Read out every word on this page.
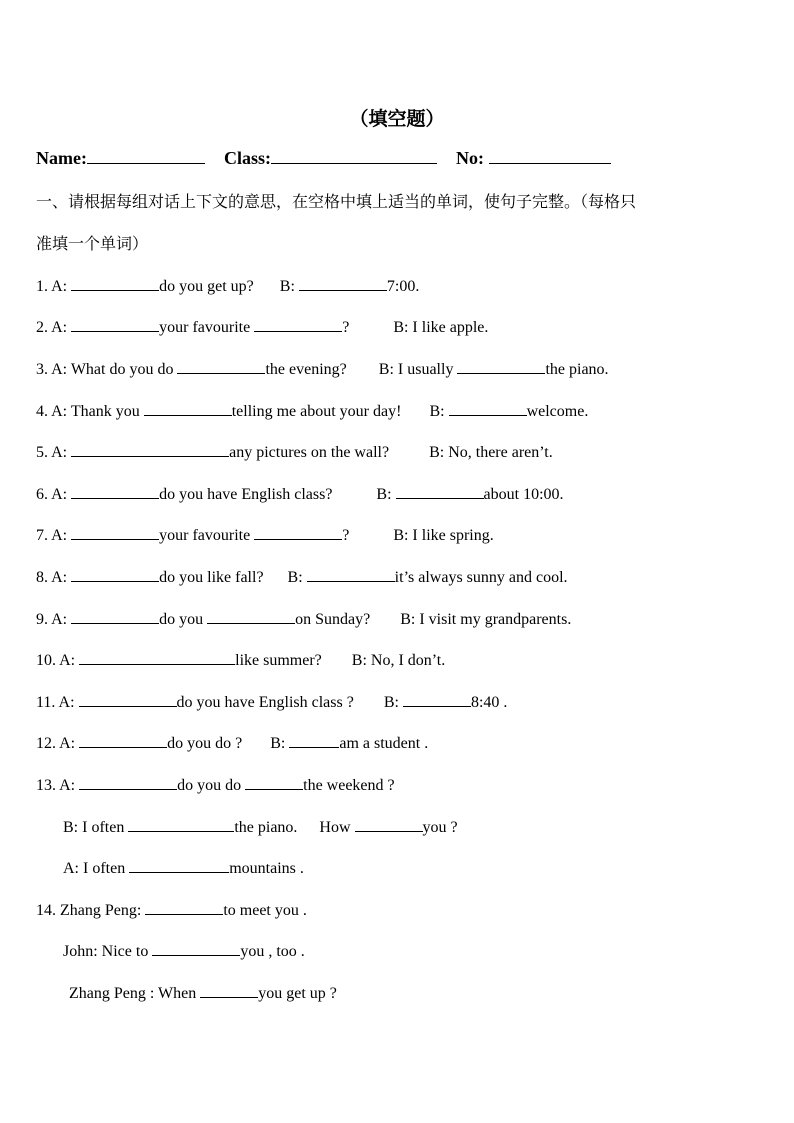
（填空题）
Name:	Class:	No:
一、请根据每组对话上下文的意思，在空格中填上适当的单词，使句子完整。（每格只
准填一个单词）
1. A:	do you get up? B:	7:00.
2. A:	your favourite	?	B: I like apple.
3. A: What do you do	the evening? B: I usually	the piano.
4. A: Thank you	telling me about your day! B:	welcome.
5. A:	any pictures on the wall?	B: No, there aren’t.
6. A:	do you have English class?	B:	about 10:00.
7. A:	your favourite	?	B: I like spring.
8. A:	do you like fall? B:	it’s always sunny and cool.
9. A:	do you	on Sunday? B: I visit my grandparents.
10. A:	like summer? B: No, I don’t.
11. A:	do you have English class ? B:	8:40 .
12. A:	do you do ? B:	am a student .
13. A:	do you do	the weekend ?
B: I often	the piano. How	you ?
A: I often	mountains .
14. Zhang Peng:	to meet you .
John: Nice to	you , too .
Zhang Peng : When	you get up ?
